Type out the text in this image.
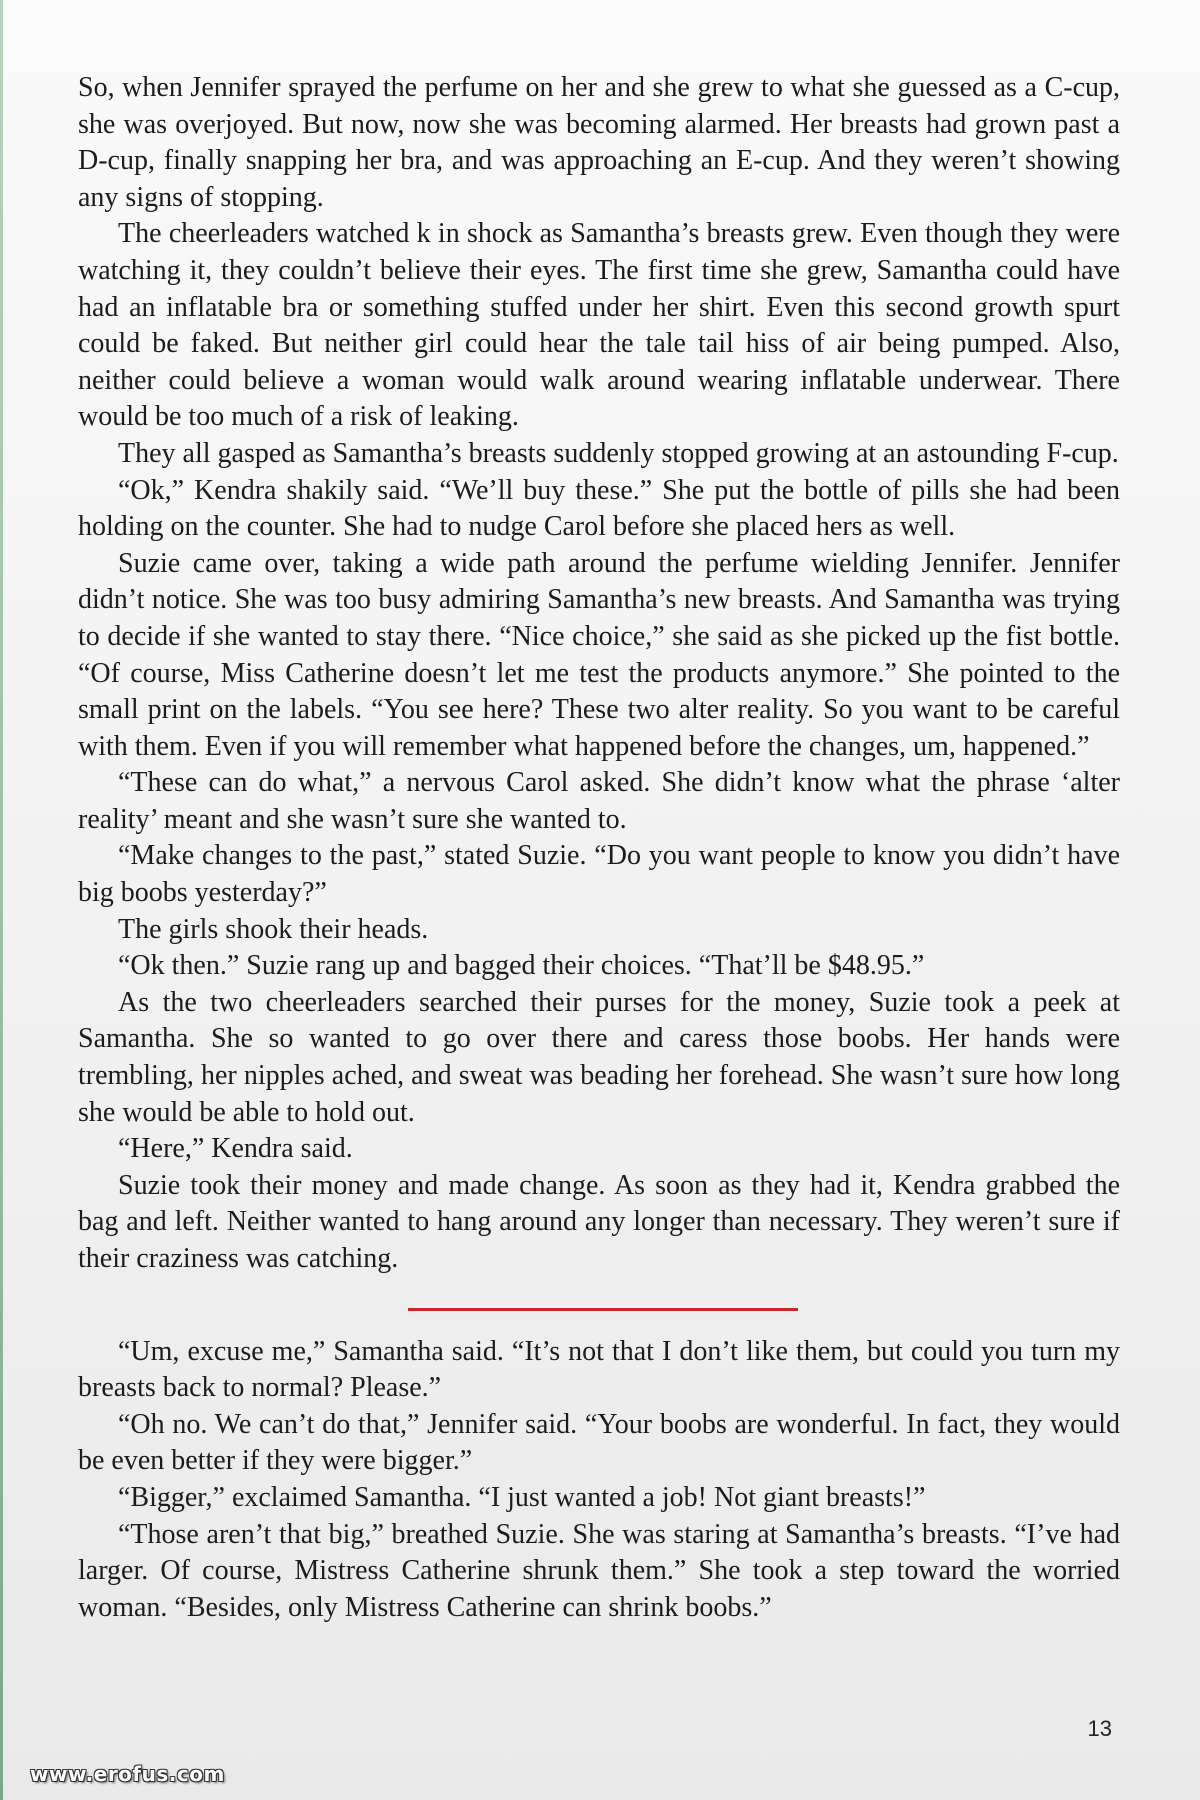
So, when Jennifer sprayed the perfume on her and she grew to what she guessed as a C-cup, she was overjoyed. But now, now she was becoming alarmed. Her breasts had grown past a D-cup, finally snapping her bra, and was approaching an E-cup. And they weren’t showing any signs of stopping.

The cheerleaders watched k in shock as Samantha’s breasts grew. Even though they were watching it, they couldn’t believe their eyes. The first time she grew, Samantha could have had an inflatable bra or something stuffed under her shirt. Even this second growth spurt could be faked. But neither girl could hear the tale tail hiss of air being pumped. Also, neither could believe a woman would walk around wearing inflatable underwear. There would be too much of a risk of leaking.

They all gasped as Samantha’s breasts suddenly stopped growing at an astounding F-cup.

“Ok,” Kendra shakily said. “We’ll buy these.” She put the bottle of pills she had been holding on the counter. She had to nudge Carol before she placed hers as well.

Suzie came over, taking a wide path around the perfume wielding Jennifer. Jennifer didn’t notice. She was too busy admiring Samantha’s new breasts. And Samantha was trying to decide if she wanted to stay there. “Nice choice,” she said as she picked up the fist bottle. “Of course, Miss Catherine doesn’t let me test the products anymore.” She pointed to the small print on the labels. “You see here? These two alter reality. So you want to be careful with them. Even if you will remember what happened before the changes, um, happened.”

“These can do what,” a nervous Carol asked. She didn’t know what the phrase ‘alter reality’ meant and she wasn’t sure she wanted to.

“Make changes to the past,” stated Suzie. “Do you want people to know you didn’t have big boobs yesterday?”

The girls shook their heads.

“Ok then.” Suzie rang up and bagged their choices. “That’ll be $48.95.”

As the two cheerleaders searched their purses for the money, Suzie took a peek at Samantha. She so wanted to go over there and caress those boobs. Her hands were trembling, her nipples ached, and sweat was beading her forehead. She wasn’t sure how long she would be able to hold out.

“Here,” Kendra said.

Suzie took their money and made change. As soon as they had it, Kendra grabbed the bag and left. Neither wanted to hang around any longer than necessary. They weren’t sure if their craziness was catching.

“Um, excuse me,” Samantha said. “It’s not that I don’t like them, but could you turn my breasts back to normal? Please.”

“Oh no. We can’t do that,” Jennifer said. “Your boobs are wonderful. In fact, they would be even better if they were bigger.”

“Bigger,” exclaimed Samantha. “I just wanted a job! Not giant breasts!”

“Those aren’t that big,” breathed Suzie. She was staring at Samantha’s breasts. “I’ve had larger. Of course, Mistress Catherine shrunk them.” She took a step toward the worried woman. “Besides, only Mistress Catherine can shrink boobs.”

13
www.erofus.com
